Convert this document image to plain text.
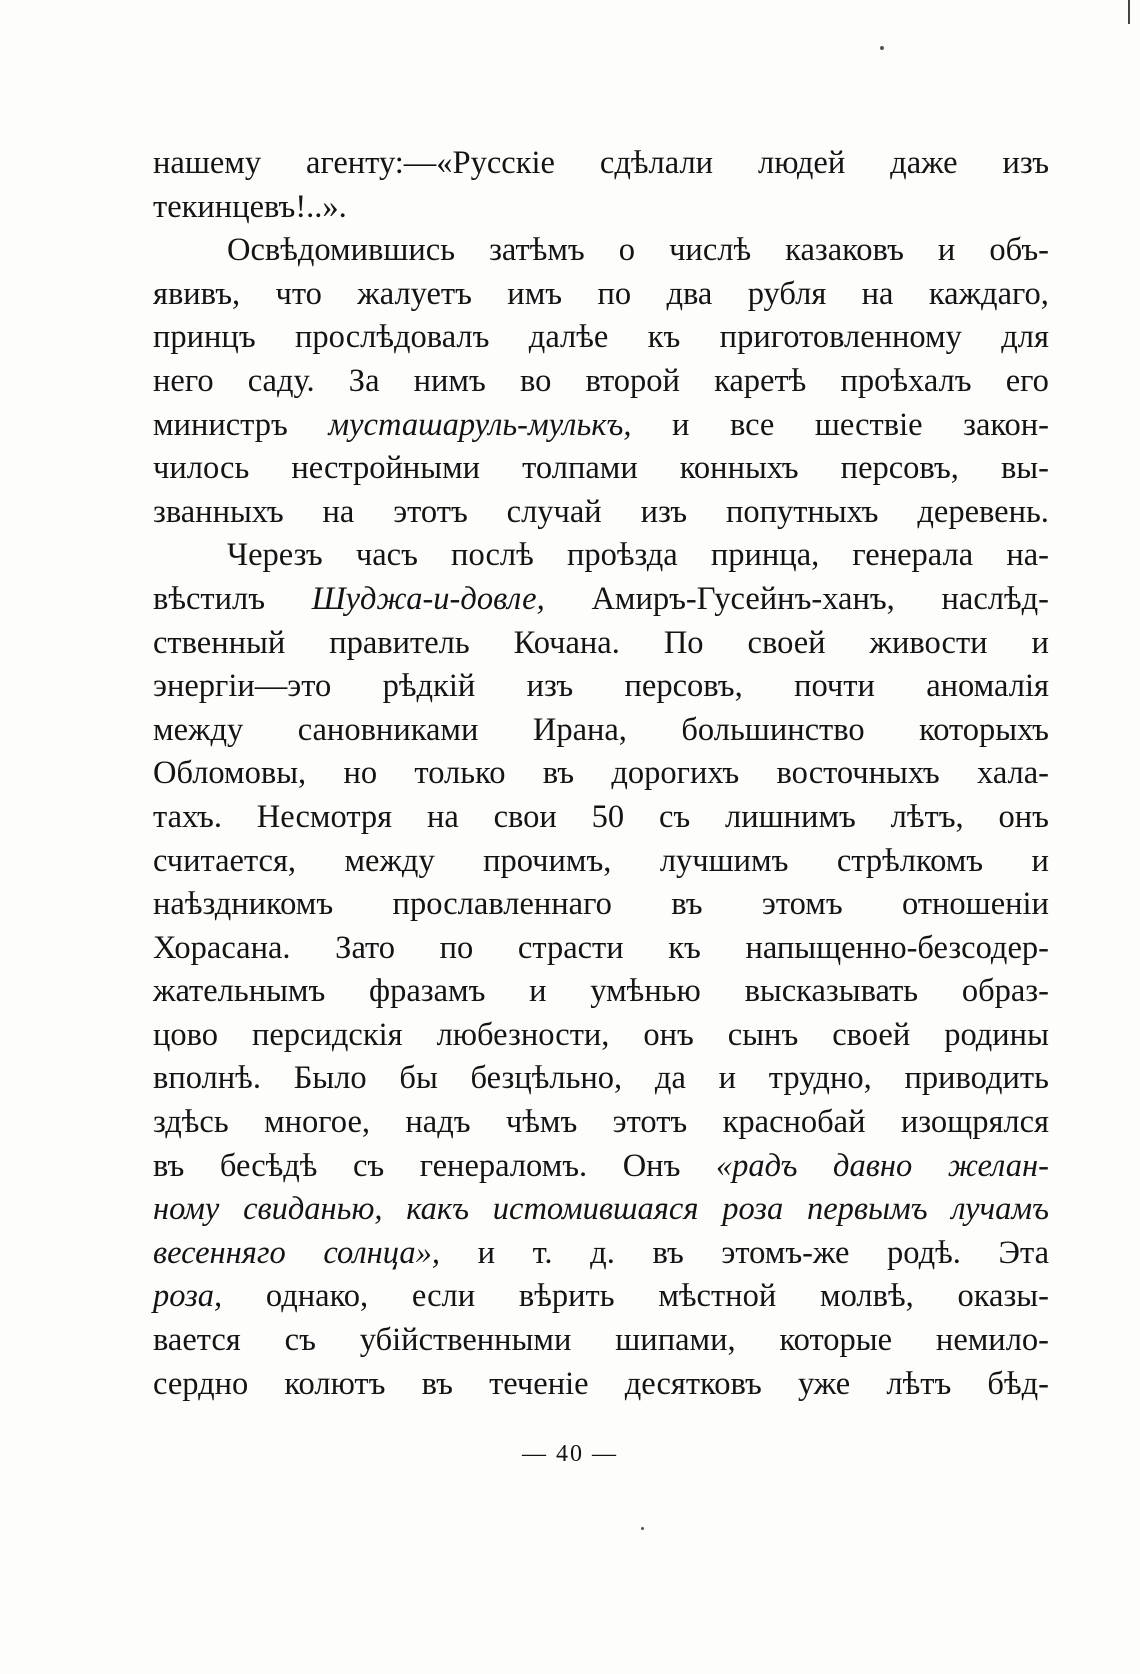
нашему агенту:—«Русскіе сдѣлали людей даже изъ
текинцевъ!..».
Освѣдомившись затѣмъ о числѣ казаковъ и объ-
явивъ, что жалуетъ имъ по два рубля на каждаго,
принцъ прослѣдовалъ далѣе къ приготовленному для
него саду. За нимъ во второй каретѣ проѣхалъ его
министръ мусташаруль-мулькъ, и все шествіе закон-
чилось нестройными толпами конныхъ персовъ, вы-
званныхъ на этотъ случай изъ попутныхъ деревень.
Черезъ часъ послѣ проѣзда принца, генерала на-
вѣстилъ Шуджа-и-довле, Амиръ-Гусейнъ-ханъ, наслѣд-
ственный правитель Кочана. По своей живости и
энергіи—это рѣдкій изъ персовъ, почти аномалія
между сановниками Ирана, большинство которыхъ
Обломовы, но только въ дорогихъ восточныхъ хала-
тахъ. Несмотря на свои 50 съ лишнимъ лѣтъ, онъ
считается, между прочимъ, лучшимъ стрѣлкомъ и
наѣздникомъ прославленнаго въ этомъ отношеніи
Хорасана. Зато по страсти къ напыщенно-безсодер-
жательнымъ фразамъ и умѣнью высказывать образ-
цово персидскія любезности, онъ сынъ своей родины
вполнѣ. Было бы безцѣльно, да и трудно, приводить
здѣсь многое, надъ чѣмъ этотъ краснобай изощрялся
въ бесѣдѣ съ генераломъ. Онъ «радъ давно желан-
ному свиданью, какъ истомившаяся роза первымъ лучамъ
весенняго солнца», и т. д. въ этомъ-же родѣ. Эта
роза, однако, если вѣрить мѣстной молвѣ, оказы-
вается съ убійственными шипами, которые немило-
сердно колютъ въ теченіе десятковъ уже лѣтъ бѣд-
— 40 —
